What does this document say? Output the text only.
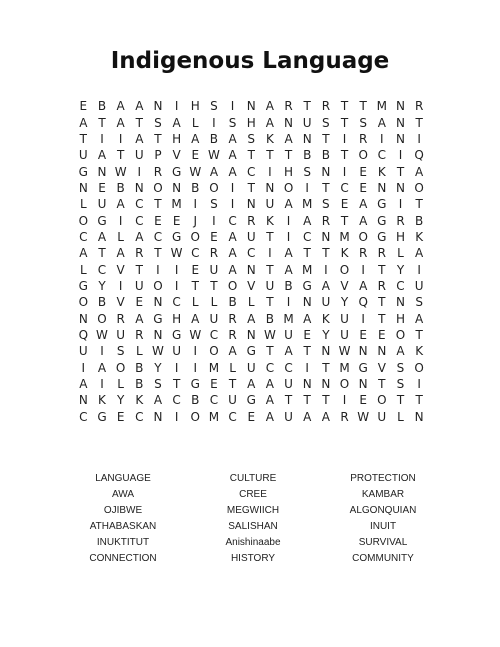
Indigenous Language
E B A A N	I	H S	I	N A R T R T T M N R
A T A T S A L	I	S H A N U S T S A N T
T	I	I	A T H A B A S K A N T	I	R	I	N	I
U A T U P V E W A T T T B B T O C	I	Q
G N W I	R G W A A C	I	H S N	I	E K T A
N E B N O N B O	I	T N O	I	T C E N N O
L U A C T M I	S	I	N U A M S E A G	I	T
O G	I	C E E	J	I	C R K	I	A R T A G R B
C A L A C G O E A U T	I	C N M O G H K
A T A R T W C R A C	I	A T T K R R L A
L C V T	I	I	E U A N T A M I	O	I	T Y	I
G Y	I	U O	I	T T O V U B G A V A R C U
O B V E N C L L B L T	I	N U Y Q T N S
N O R A G H A U R A B M A K U	I	T H A
Q W U R N G W C R N W U E Y U E E O T
U	I	S L W U	I	O A G T A T N W N N A K
I	A O B Y	I	I M L U C C	I	T M G V S O
A	I	L B S T G E T A A U N N O N T S	I
N K Y K A C B C U G A T T T	I	E O T T
C G E C N	I	O M C E A U A A R W U L N
LANGUAGE	CULTURE	PROTECTION
AWA	CREE	KAMBAR
OJIBWE	MEGWIICH	ALGONQUIAN
ATHABASKAN	SALISHAN	INUIT
INUKTITUT	Anishinaabe	SURVIVAL
CONNECTION	HISTORY	COMMUNITY
